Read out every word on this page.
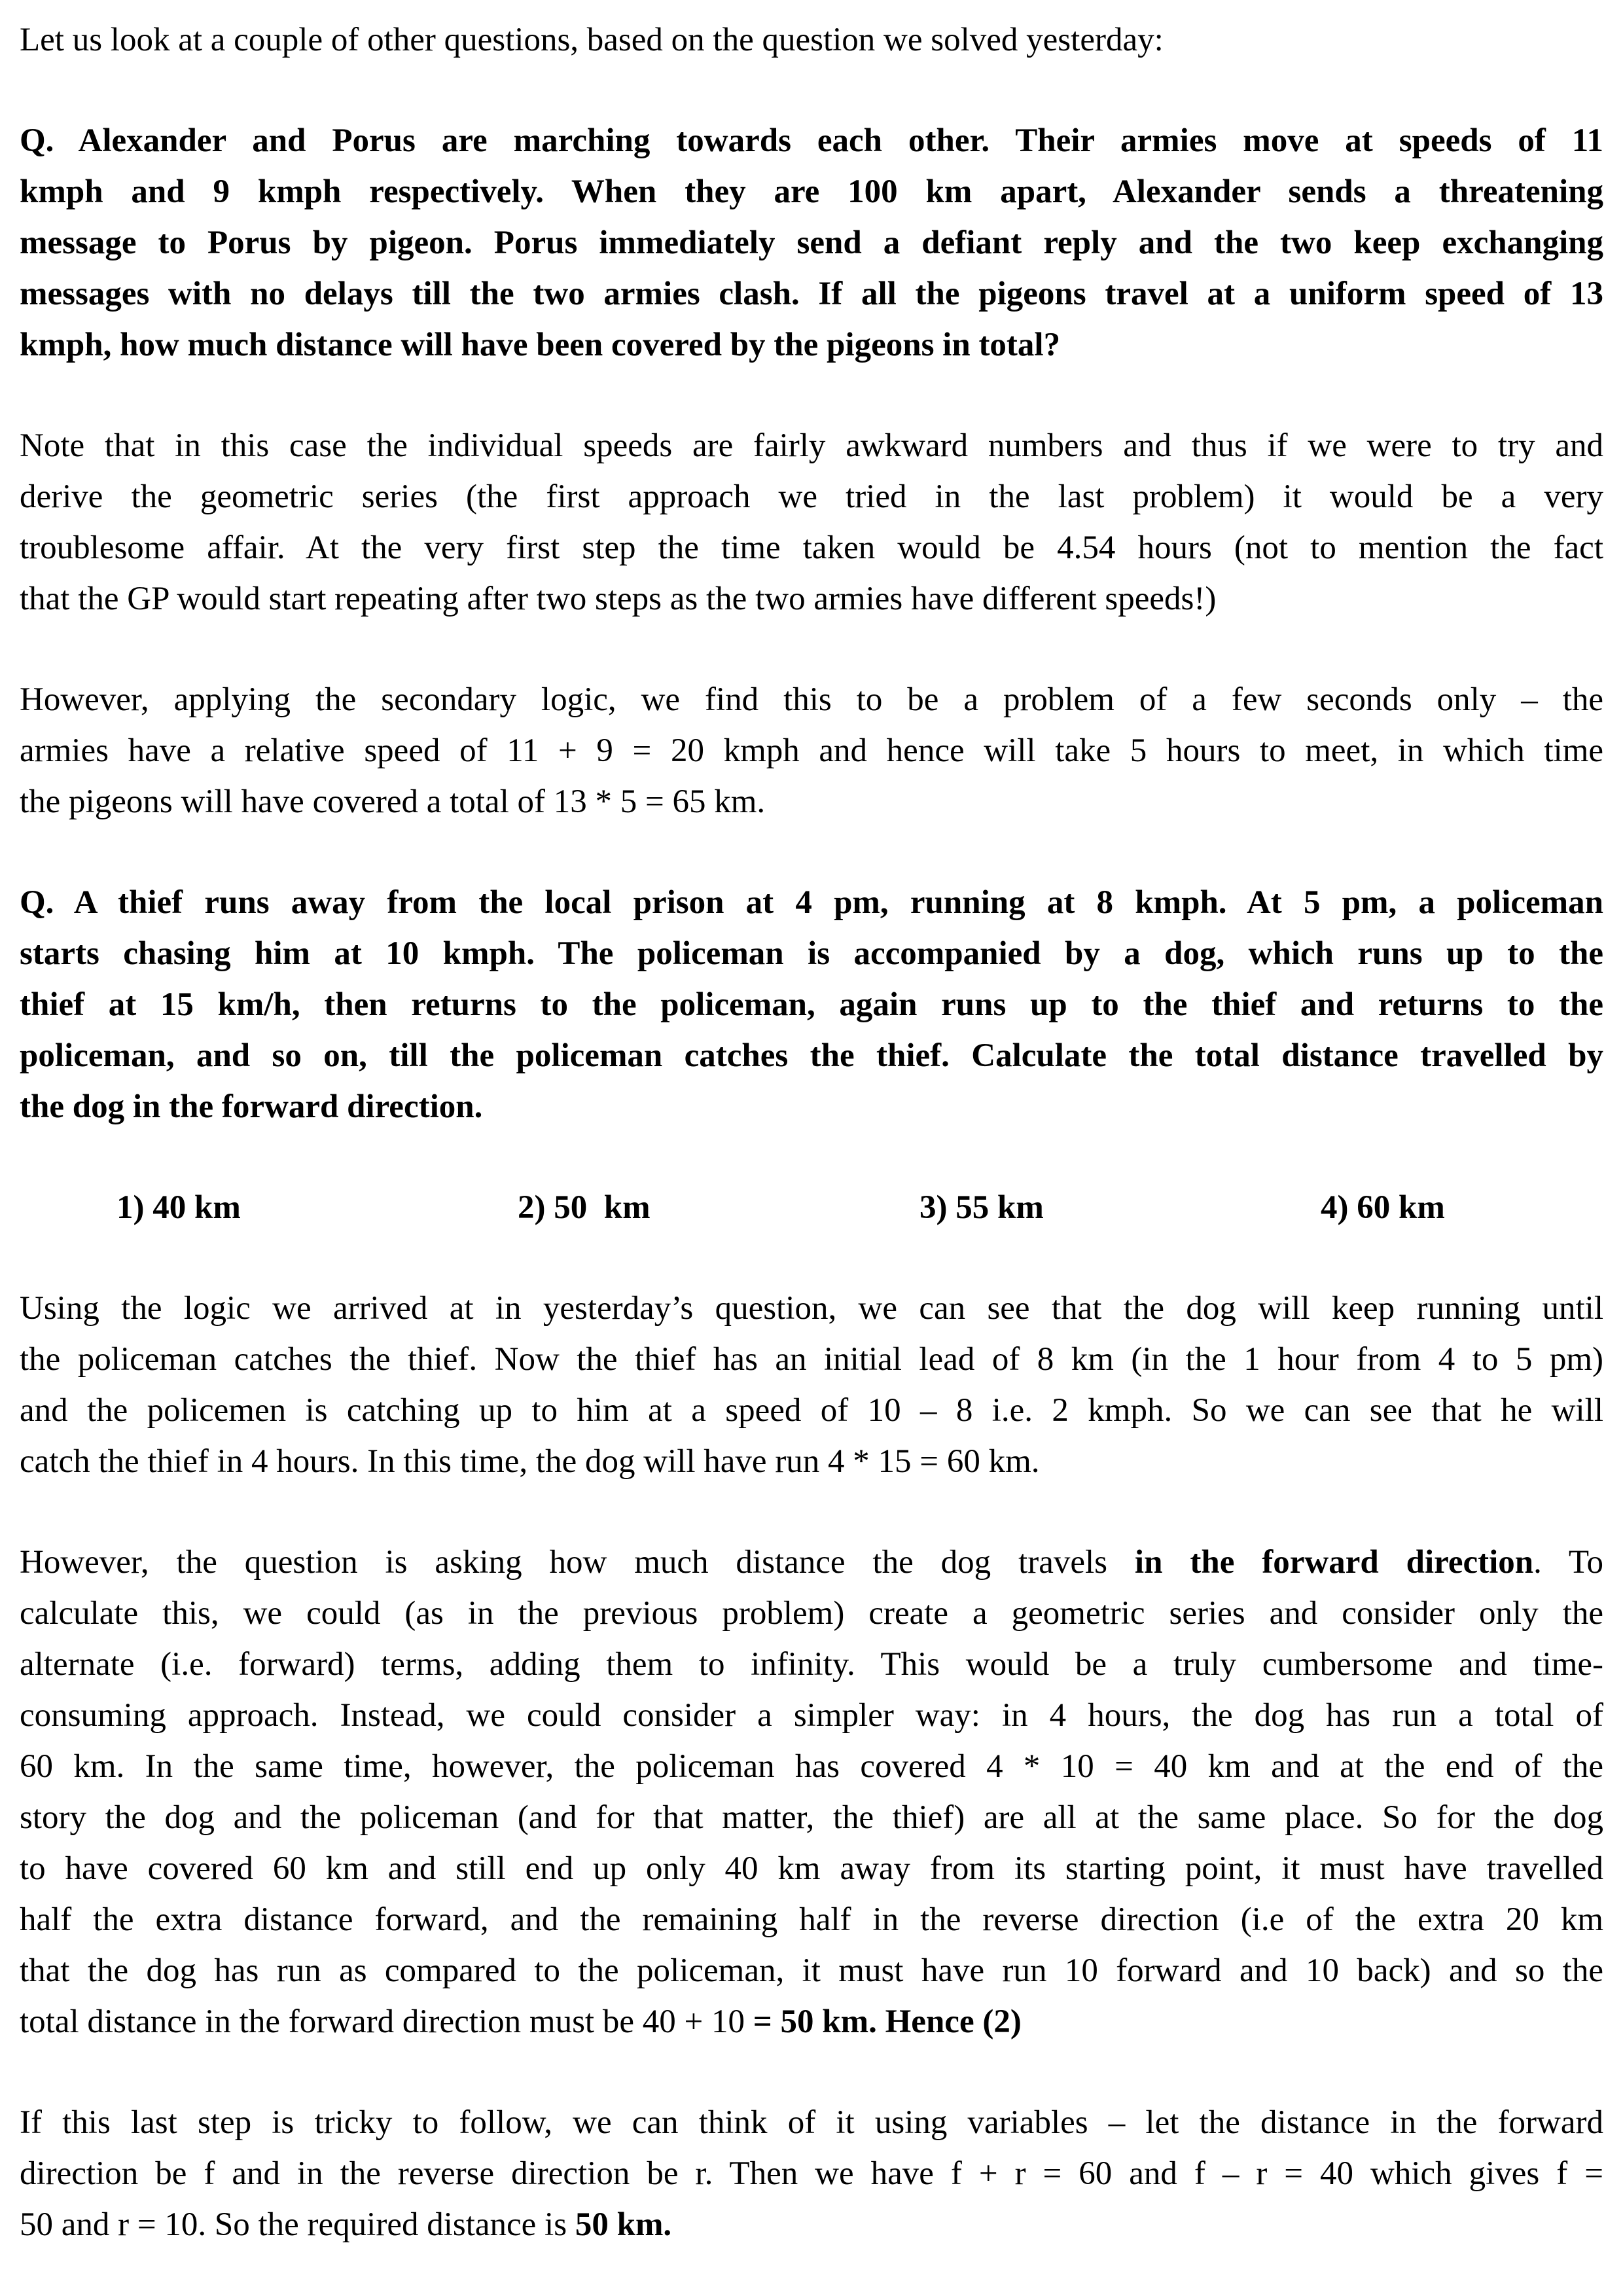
Let us look at a couple of other questions, based on the question we solved yesterday:

Q. Alexander and Porus are marching towards each other. Their armies move at speeds of 11
kmph and 9 kmph respectively. When they are 100 km apart, Alexander sends a threatening
message to Porus by pigeon. Porus immediately send a defiant reply and the two keep exchanging
messages with no delays till the two armies clash. If all the pigeons travel at a uniform speed of 13
kmph, how much distance will have been covered by the pigeons in total?

Note that in this case the individual speeds are fairly awkward numbers and thus if we were to try and
derive the geometric series (the first approach we tried in the last problem) it would be a very
troublesome affair. At the very first step the time taken would be 4.54 hours (not to mention the fact
that the GP would start repeating after two steps as the two armies have different speeds!)

However, applying the secondary logic, we find this to be a problem of a few seconds only – the
armies have a relative speed of 11 + 9 = 20 kmph and hence will take 5 hours to meet, in which time
the pigeons will have covered a total of 13 * 5 = 65 km.

Q. A thief runs away from the local prison at 4 pm, running at 8 kmph. At 5 pm, a policeman
starts chasing him at 10 kmph. The policeman is accompanied by a dog, which runs up to the
thief at 15 km/h, then returns to the policeman, again runs up to the thief and returns to the
policeman, and so on, till the policeman catches the thief. Calculate the total distance travelled by
the dog in the forward direction.

1) 40 km	2) 50  km	3) 55 km	4) 60 km

Using the logic we arrived at in yesterday’s question, we can see that the dog will keep running until
the policeman catches the thief. Now the thief has an initial lead of 8 km (in the 1 hour from 4 to 5 pm)
and the policemen is catching up to him at a speed of 10 – 8 i.e. 2 kmph. So we can see that he will
catch the thief in 4 hours. In this time, the dog will have run 4 * 15 = 60 km.

However, the question is asking how much distance the dog travels in the forward direction. To
calculate this, we could (as in the previous problem) create a geometric series and consider only the
alternate (i.e. forward) terms, adding them to infinity. This would be a truly cumbersome and time-
consuming approach. Instead, we could consider a simpler way: in 4 hours, the dog has run a total of
60 km. In the same time, however, the policeman has covered 4 * 10 = 40 km and at the end of the
story the dog and the policeman (and for that matter, the thief) are all at the same place. So for the dog
to have covered 60 km and still end up only 40 km away from its starting point, it must have travelled
half the extra distance forward, and the remaining half in the reverse direction (i.e of the extra 20 km
that the dog has run as compared to the policeman, it must have run 10 forward and 10 back) and so the
total distance in the forward direction must be 40 + 10 = 50 km. Hence (2)

If this last step is tricky to follow, we can think of it using variables – let the distance in the forward
direction be f and in the reverse direction be r. Then we have f + r = 60 and f – r = 40 which gives f =
50 and r = 10. So the required distance is 50 km.
